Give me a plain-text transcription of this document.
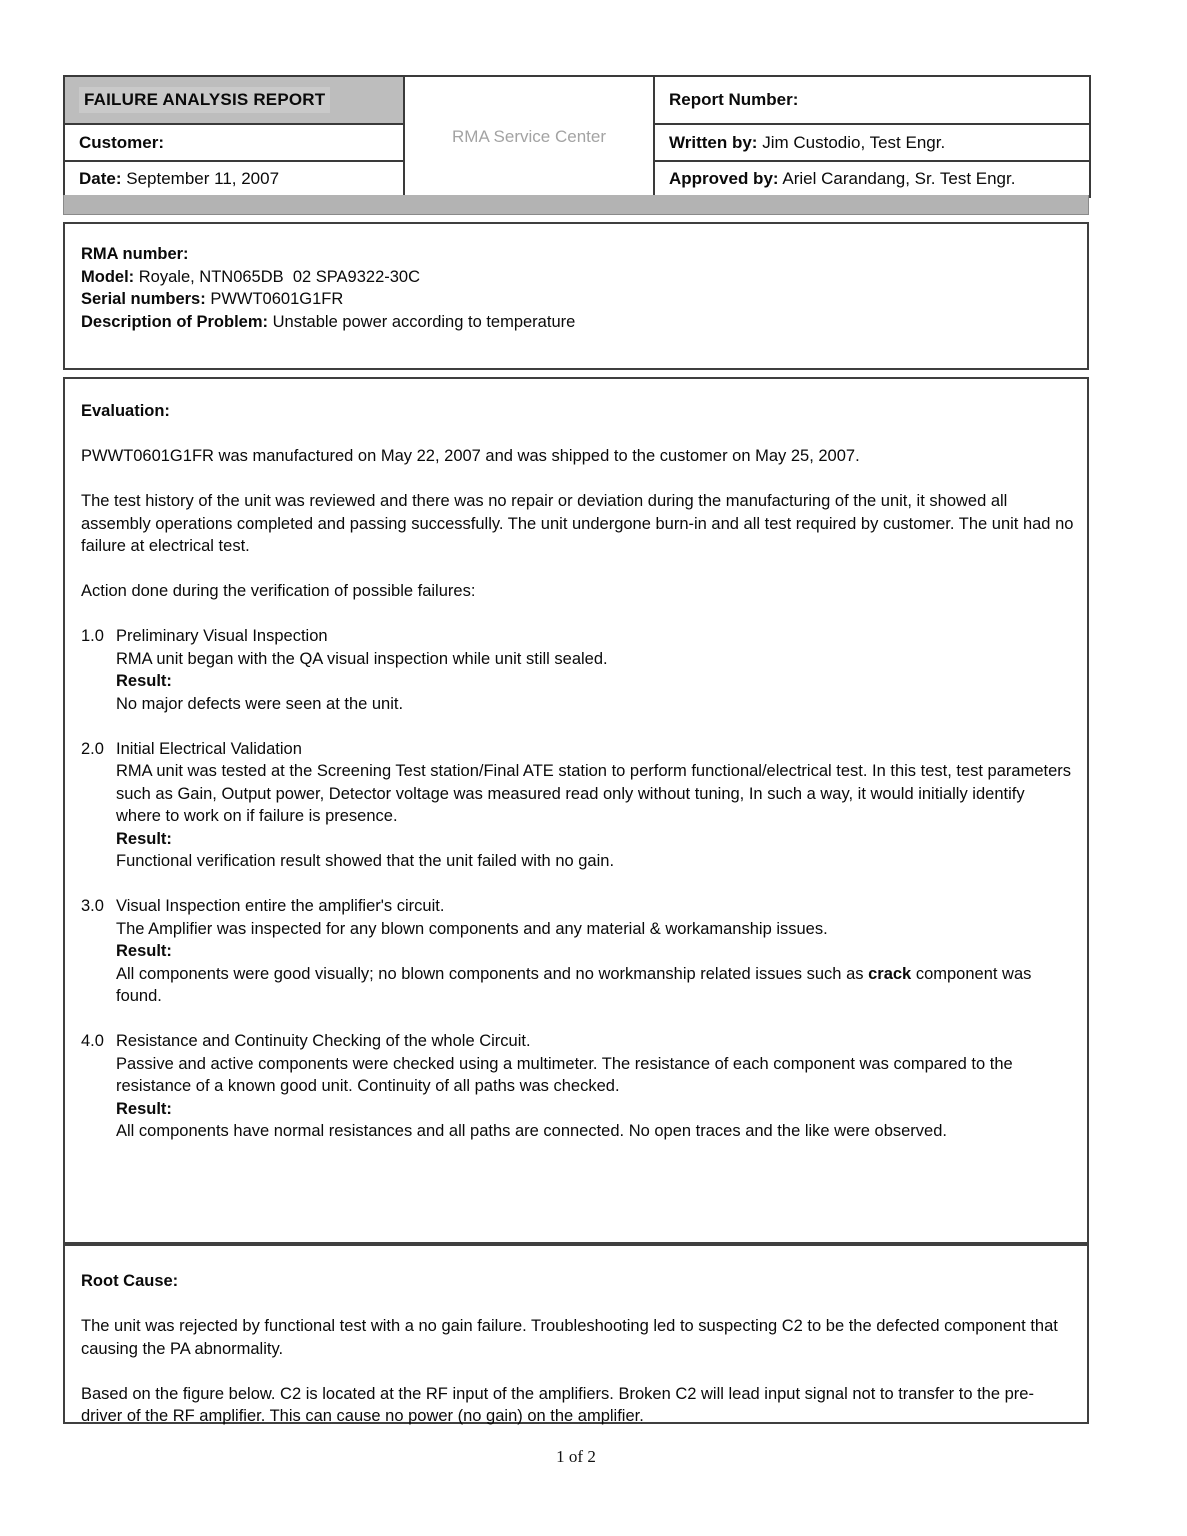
FAILURE ANALYSIS REPORT	RMA Service Center	Report Number:
Customer:		Written by: Jim Custodio, Test Engr.
Date: September 11, 2007		Approved by: Ariel Carandang, Sr. Test Engr.
RMA number:
Model: Royale, NTN065DB  02 SPA9322-30C
Serial numbers: PWWT0601G1FR
Description of Problem: Unstable power according to temperature
Evaluation:
PWWT0601G1FR was manufactured on May 22, 2007 and was shipped to the customer on May 25, 2007.
The test history of the unit was reviewed and there was no repair or deviation during the manufacturing of the unit, it showed all assembly operations completed and passing successfully. The unit undergone burn-in and all test required by customer. The unit had no failure at electrical test.
Action done during the verification of possible failures:
1.0 Preliminary Visual Inspection
RMA unit began with the QA visual inspection while unit still sealed.
Result:
No major defects were seen at the unit.
2.0 Initial Electrical Validation
RMA unit was tested at the Screening Test station/Final ATE station to perform functional/electrical test. In this test, test parameters such as Gain, Output power, Detector voltage was measured read only without tuning, In such a way, it would initially identify where to work on if failure is presence.
Result:
Functional verification result showed that the unit failed with no gain.
3.0 Visual Inspection entire the amplifier's circuit.
The Amplifier was inspected for any blown components and any material & workamanship issues.
Result:
All components were good visually; no blown components and no workmanship related issues such as crack component was found.
4.0 Resistance and Continuity Checking of the whole Circuit.
Passive and active components were checked using a multimeter. The resistance of each component was compared to the resistance of a known good unit. Continuity of all paths was checked.
Result:
All components have normal resistances and all paths are connected. No open traces and the like were observed.
Root Cause:
The unit was rejected by functional test with a no gain failure. Troubleshooting led to suspecting C2 to be the defected component that causing the PA abnormality.
Based on the figure below. C2 is located at the RF input of the amplifiers. Broken C2 will lead input signal not to transfer to the pre-driver of the RF amplifier. This can cause no power (no gain) on the amplifier.
1 of 2
